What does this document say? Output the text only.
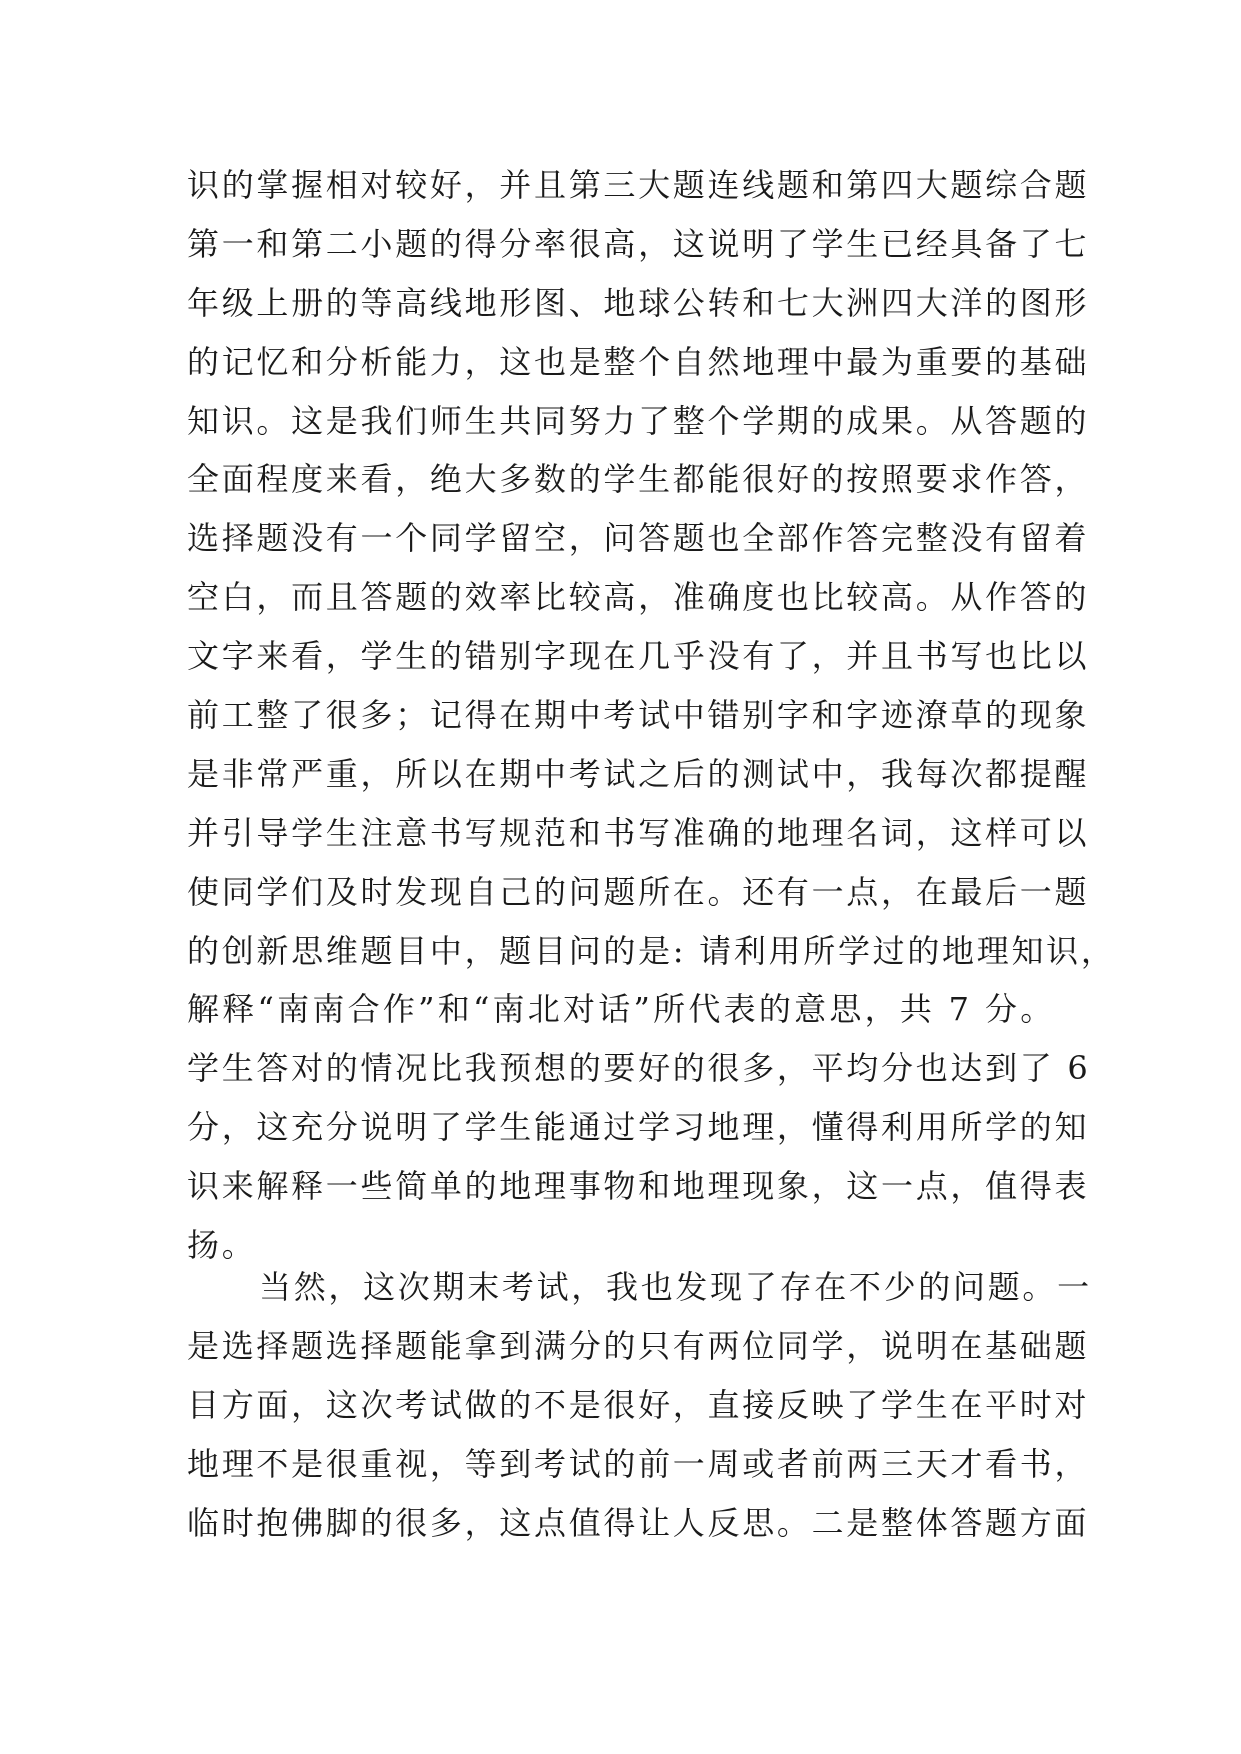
识的掌握相对较好，并且第三大题连线题和第四大题综合题
第一和第二小题的得分率很高，这说明了学生已经具备了七
年级上册的等高线地形图、地球公转和七大洲四大洋的图形
的记忆和分析能力，这也是整个自然地理中最为重要的基础
知识。这是我们师生共同努力了整个学期的成果。从答题的
全面程度来看，绝大多数的学生都能很好的按照要求作答，
选择题没有一个同学留空，问答题也全部作答完整没有留着
空白，而且答题的效率比较高，准确度也比较高。从作答的
文字来看，学生的错别字现在几乎没有了，并且书写也比以
前工整了很多；记得在期中考试中错别字和字迹潦草的现象
是非常严重，所以在期中考试之后的测试中，我每次都提醒
并引导学生注意书写规范和书写准确的地理名词，这样可以
使同学们及时发现自己的问题所在。还有一点，在最后一题
的创新思维题目中，题目问的是: 请利用所学过的地理知识，
解释“南南合作”和“南北对话”所代表的意思，共 7 分。
学生答对的情况比我预想的要好的很多，平均分也达到了 6
分，这充分说明了学生能通过学习地理，懂得利用所学的知
识来解释一些简单的地理事物和地理现象，这一点，值得表
扬。
当然，这次期末考试，我也发现了存在不少的问题。一
是选择题选择题能拿到满分的只有两位同学，说明在基础题
目方面，这次考试做的不是很好，直接反映了学生在平时对
地理不是很重视，等到考试的前一周或者前两三天才看书，
临时抱佛脚的很多，这点值得让人反思。二是整体答题方面
